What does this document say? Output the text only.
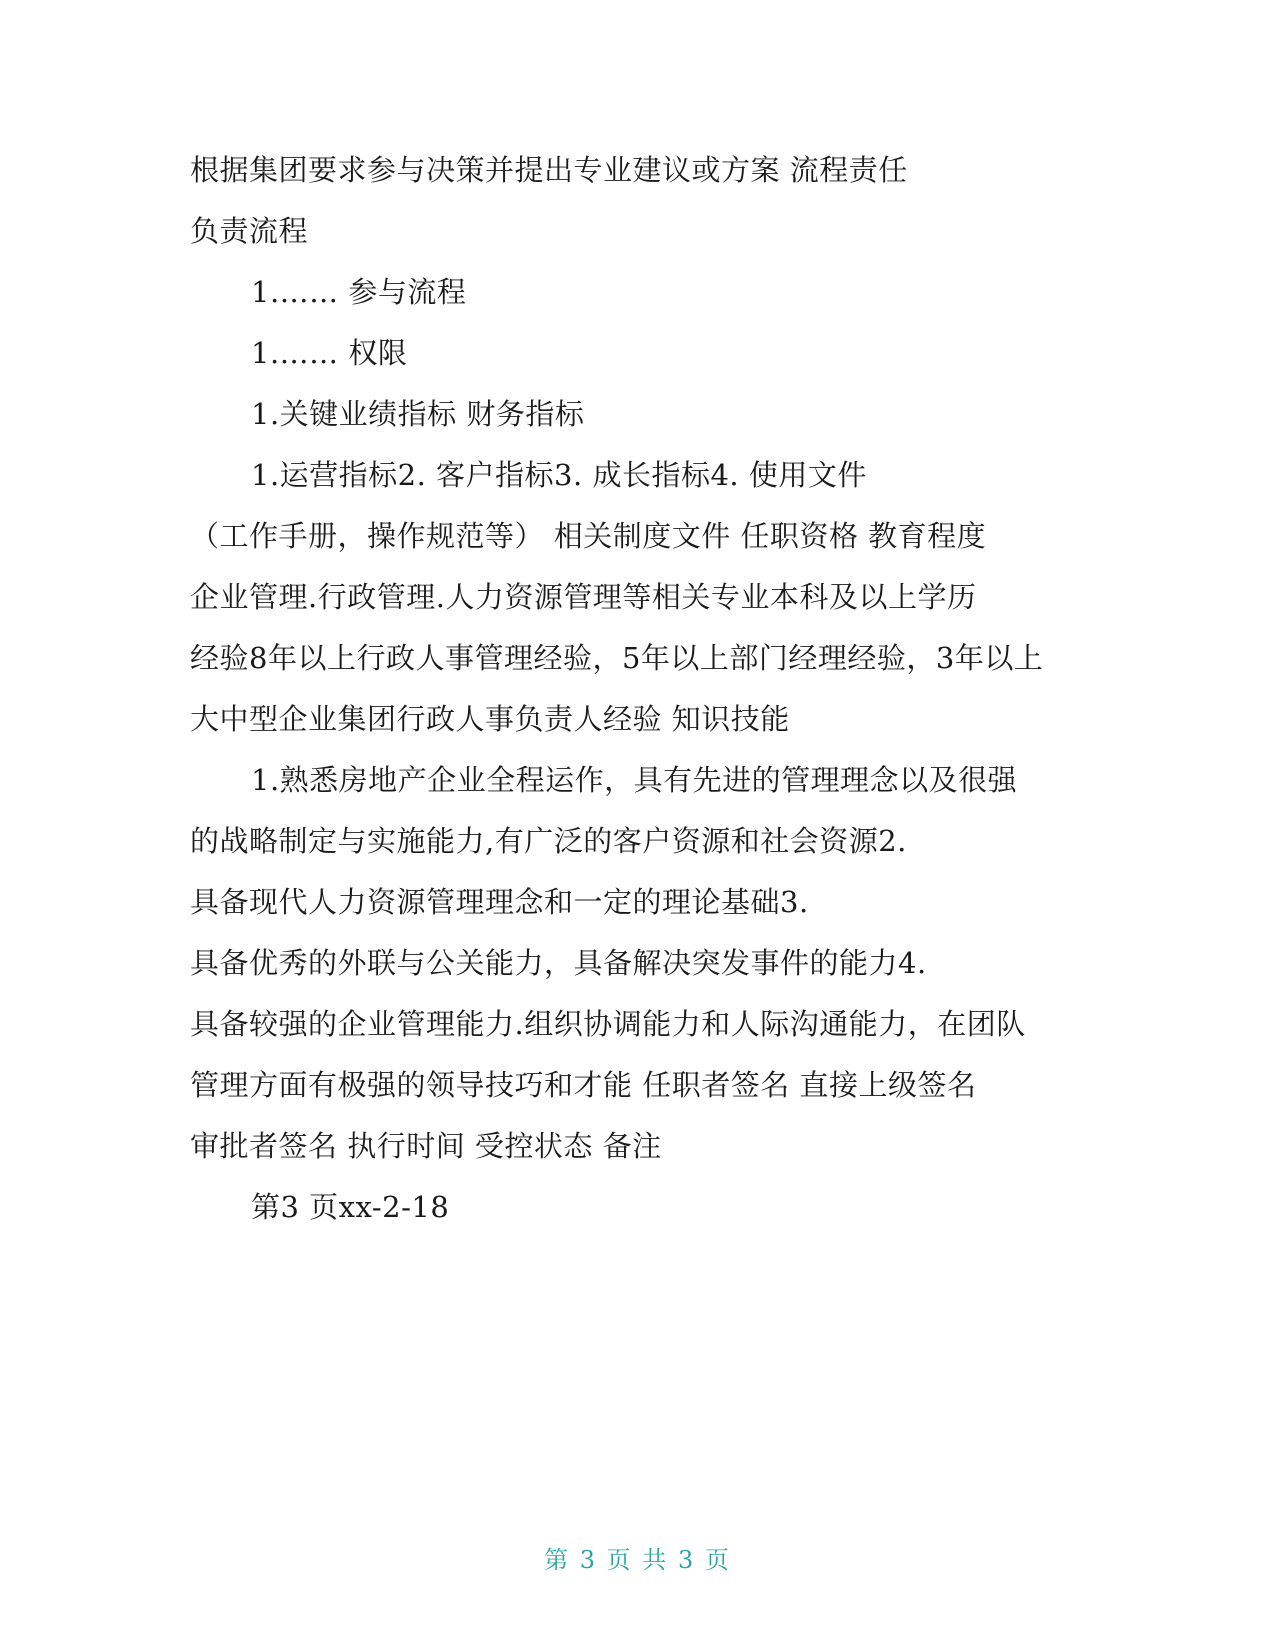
根据集团要求参与决策并提出专业建议或方案 流程责任
负责流程
1.…… 参与流程
1.…… 权限
1.关键业绩指标 财务指标
1.运营指标2. 客户指标3. 成长指标4. 使用文件
（工作手册，操作规范等） 相关制度文件 任职资格 教育程度
企业管理.行政管理.人力资源管理等相关专业本科及以上学历
经验8年以上行政人事管理经验，5年以上部门经理经验，3年以上
大中型企业集团行政人事负责人经验 知识技能
1.熟悉房地产企业全程运作，具有先进的管理理念以及很强
的战略制定与实施能力,有广泛的客户资源和社会资源2.
具备现代人力资源管理理念和一定的理论基础3.
具备优秀的外联与公关能力，具备解决突发事件的能力4.
具备较强的企业管理能力.组织协调能力和人际沟通能力，在团队
管理方面有极强的领导技巧和才能 任职者签名 直接上级签名
审批者签名 执行时间 受控状态 备注
第3 页xx-2-18
第 3 页 共 3 页
